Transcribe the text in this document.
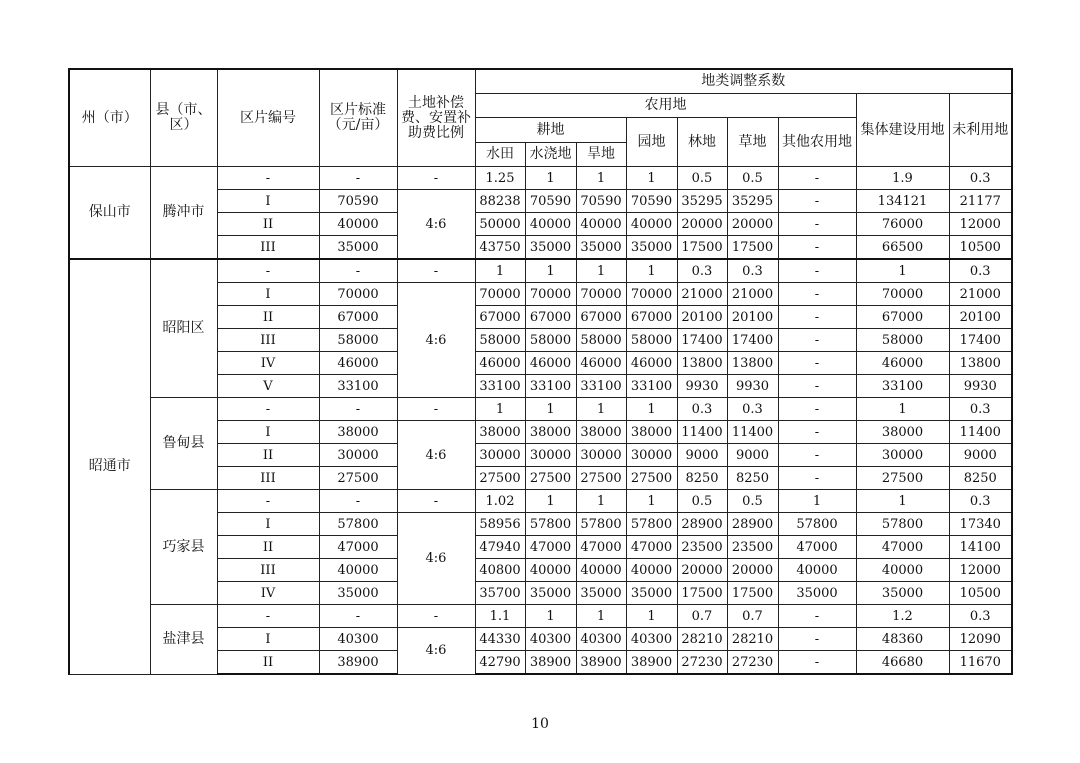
州（市）	县（市、区）	区片编号	区片标准（元/亩）	土地补偿费、安置补助费比例	地类调整系数								
					农用地							集体建设用地	未利用地
					耕地			园地	林地	草地	其他农用地		
					水田	水浇地	旱地						
保山市	腾冲市	-	-	-	1.25	1	1	1	0.5	0.5	-	1.9	0.3
		I	70590	4:6	88238	70590	70590	70590	35295	35295	-	134121	21177
		II	40000		50000	40000	40000	40000	20000	20000	-	76000	12000
		III	35000		43750	35000	35000	35000	17500	17500	-	66500	10500
昭通市	昭阳区	-	-	-	1	1	1	1	0.3	0.3	-	1	0.3
		I	70000	4:6	70000	70000	70000	70000	21000	21000	-	70000	21000
		II	67000		67000	67000	67000	67000	20100	20100	-	67000	20100
		III	58000		58000	58000	58000	58000	17400	17400	-	58000	17400
		IV	46000		46000	46000	46000	46000	13800	13800	-	46000	13800
		V	33100		33100	33100	33100	33100	9930	9930	-	33100	9930
	鲁甸县	-	-	-	1	1	1	1	0.3	0.3	-	1	0.3
		I	38000	4:6	38000	38000	38000	38000	11400	11400	-	38000	11400
		II	30000		30000	30000	30000	30000	9000	9000	-	30000	9000
		III	27500		27500	27500	27500	27500	8250	8250	-	27500	8250
	巧家县	-	-	-	1.02	1	1	1	0.5	0.5	1	1	0.3
		I	57800	4:6	58956	57800	57800	57800	28900	28900	57800	57800	17340
		II	47000		47940	47000	47000	47000	23500	23500	47000	47000	14100
		III	40000		40800	40000	40000	40000	20000	20000	40000	40000	12000
		IV	35000		35700	35000	35000	35000	17500	17500	35000	35000	10500
	盐津县	-	-	-	1.1	1	1	1	0.7	0.7	-	1.2	0.3
		I	40300	4:6	44330	40300	40300	40300	28210	28210	-	48360	12090
		II	38900		42790	38900	38900	38900	27230	27230	-	46680	11670
10
